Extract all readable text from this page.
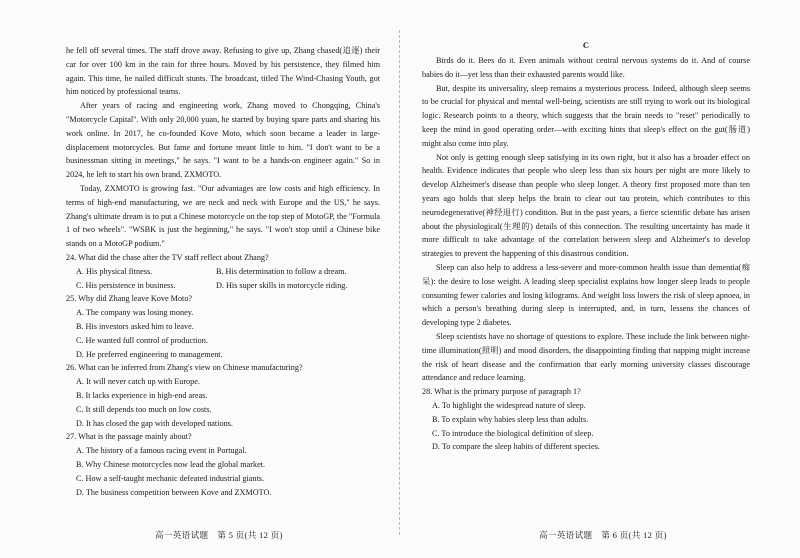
he fell off several times. The staff drove away. Refusing to give up, Zhang chased(追逐) their car for over 100 km in the rain for three hours. Moved by his persistence, they filmed him again. This time, he nailed difficult stunts. The broadcast, titled The Wind-Chasing Youth, got him noticed by professional teams.

After years of racing and engineering work, Zhang moved to Chongqing, China's "Motorcycle Capital". With only 20,000 yuan, he started by buying spare parts and sharing his work online. In 2017, he co-founded Kove Moto, which soon became a leader in large-displacement motorcycles. But fame and fortune meant little to him. "I don't want to be a businessman sitting in meetings," he says. "I want to be a hands-on engineer again." So in 2024, he left to start his own brand, ZXMOTO.

Today, ZXMOTO is growing fast. "Our advantages are low costs and high efficiency. In terms of high-end manufacturing, we are neck and neck with Europe and the US," he says. Zhang's ultimate dream is to put a Chinese motorcycle on the top step of MotoGP, the "Formula 1 of two wheels". "WSBK is just the beginning," he says. "I won't stop until a Chinese bike stands on a MotoGP podium."

24. What did the chase after the TV staff reflect about Zhang?
A. His physical fitness.	B. His determination to follow a dream.
C. His persistence in business.	D. His super skills in motorcycle riding.
25. Why did Zhang leave Kove Moto?
A. The company was losing money.
B. His investors asked him to leave.
C. He wanted full control of production.
D. He preferred engineering to management.
26. What can be inferred from Zhang's view on Chinese manufacturing?
A. It will never catch up with Europe.
B. It lacks experience in high-end areas.
C. It still depends too much on low costs.
D. It has closed the gap with developed nations.
27. What is the passage mainly about?
A. The history of a famous racing event in Portugal.
B. Why Chinese motorcycles now lead the global market.
C. How a self-taught mechanic defeated industrial giants.
D. The business competition between Kove and ZXMOTO.
高一英语试题　第 5 页(共 12 页)
C

Birds do it. Bees do it. Even animals without central nervous systems do it. And of course babies do it—yet less than their exhausted parents would like.

But, despite its universality, sleep remains a mysterious process. Indeed, although sleep seems to be crucial for physical and mental well-being, scientists are still trying to work out its biological logic. Research points to a theory, which suggests that the brain needs to "reset" periodically to keep the mind in good operating order—with exciting hints that sleep's effect on the gut(肠道) might also come into play.

Not only is getting enough sleep satisfying in its own right, but it also has a broader effect on health. Evidence indicates that people who sleep less than six hours per night are more likely to develop Alzheimer's disease than people who sleep longer. A theory first proposed more than ten years ago holds that sleep helps the brain to clear out tau protein, which contributes to this neurodegenerative(神经退行) condition. But in the past years, a fierce scientific debate has arisen about the physiological(生理的) details of this connection. The resulting uncertainty has made it more difficult to take advantage of the correlation between sleep and Alzheimer's to develop strategies to prevent the happening of this disastrous condition.

Sleep can also help to address a less-severe and more-common health issue than dementia(痴呆): the desire to lose weight. A leading sleep specialist explains how longer sleep leads to people consuming fewer calories and losing kilograms. And weight loss lowers the risk of sleep apnoea, in which a person's breathing during sleep is interrupted, and, in turn, lessens the chances of developing type 2 diabetes.

Sleep scientists have no shortage of questions to explore. These include the link between night-time illumination(照明) and mood disorders, the disappointing finding that napping might increase the risk of heart disease and the confirmation that early morning university classes discourage attendance and reduce learning.

28. What is the primary purpose of paragraph 1?
A. To highlight the widespread nature of sleep.
B. To explain why babies sleep less than adults.
C. To introduce the biological definition of sleep.
D. To compare the sleep habits of different species.
高一英语试题　第 6 页(共 12 页)
